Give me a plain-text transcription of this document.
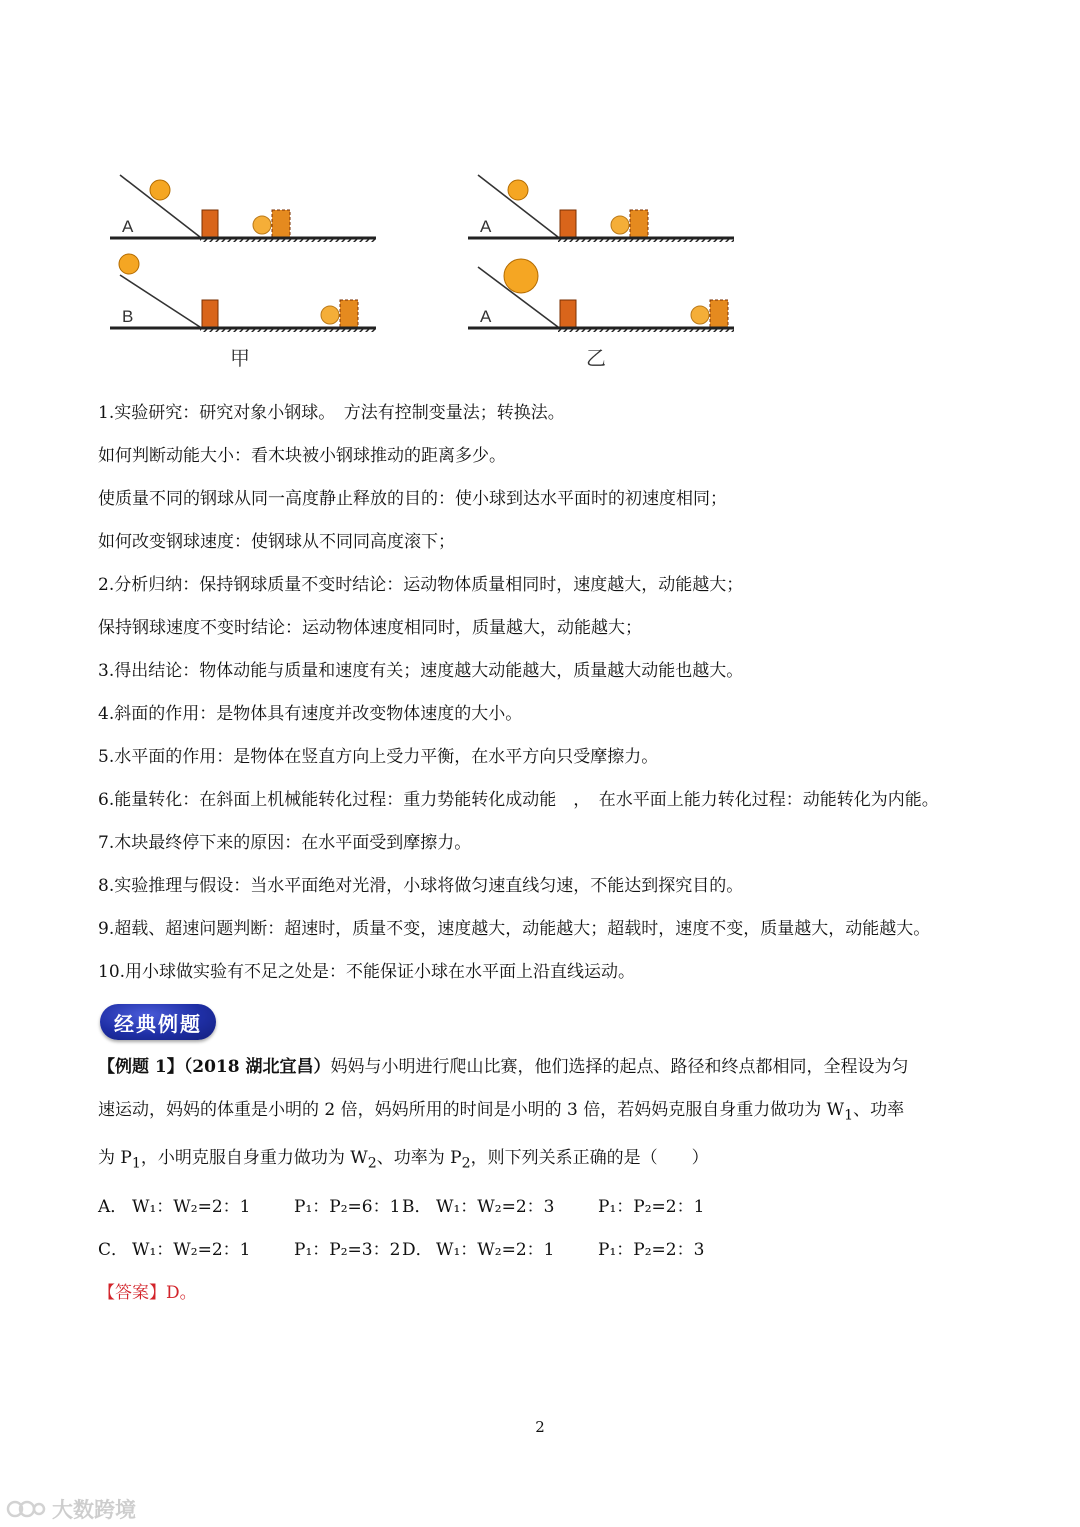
A
B
甲
A
A
乙
1.实验研究：研究对象小钢球。　方法有控制变量法；转换法。
如何判断动能大小：看木块被小钢球推动的距离多少。
使质量不同的钢球从同一高度静止释放的目的：使小球到达水平面时的初速度相同；
如何改变钢球速度：使钢球从不同同高度滚下；
2.分析归纳：保持钢球质量不变时结论：运动物体质量相同时，速度越大，动能越大；
保持钢球速度不变时结论：运动物体速度相同时，质量越大，动能越大；
3.得出结论：物体动能与质量和速度有关；速度越大动能越大，质量越大动能也越大。
4.斜面的作用：是物体具有速度并改变物体速度的大小。
5.水平面的作用：是物体在竖直方向上受力平衡，在水平方向只受摩擦力。
6.能量转化：在斜面上机械能转化过程：重力势能转化成动能　，　在水平面上能力转化过程：动能转化为内能。
7.木块最终停下来的原因：在水平面受到摩擦力。
8.实验推理与假设：当水平面绝对光滑，小球将做匀速直线匀速，不能达到探究目的。
9.超载、超速问题判断：超速时，质量不变，速度越大，动能越大；超载时，速度不变，质量越大，动能越大。
10.用小球做实验有不足之处是：不能保证小球在水平面上沿直线运动。
经典例题
【例题 1】（2018 湖北宜昌）妈妈与小明进行爬山比赛，他们选择的起点、路径和终点都相同，全程设为匀
速运动，妈妈的体重是小明的 2 倍，妈妈所用的时间是小明的 3 倍，若妈妈克服自身重力做功为 $W_1$、功率
为 $P_1$，小明克服自身重力做功为 $W_2$、功率为 $P_2$，则下列关系正确的是（　　）
A． W₁：W₂=2：1	P₁：P₂=6：1 B． W₁：W₂=2：3	P₁：P₂=2：1
C． W₁：W₂=2：1	P₁：P₂=3：2 D． W₁：W₂=2：1	P₁：P₂=2：3
【答案】D。
2
大数跨境
